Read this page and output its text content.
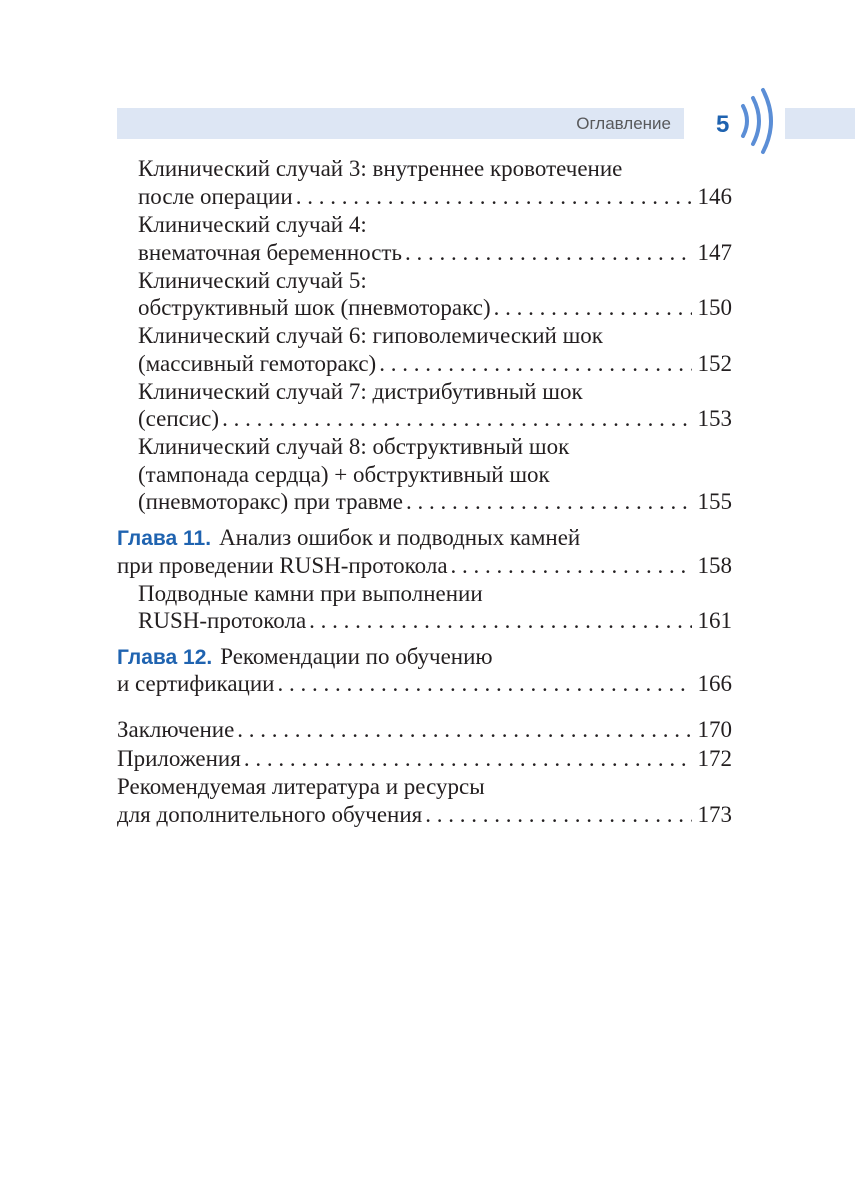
Оглавление 5
Клинический случай 3: внутреннее кровотечение
после операции . . .	146
Клинический случай 4:
внематочная беременность . . .	147
Клинический случай 5:
обструктивный шок (пневмоторакс) . . .	150
Клинический случай 6: гиповолемический шок
(массивный гемоторакс) . . .	152
Клинический случай 7: дистрибутивный шок
(сепсис) . . .	153
Клинический случай 8: обструктивный шок
(тампонада сердца) + обструктивный шок
(пневмоторакс) при травме . . .	155
Глава 11. Анализ ошибок и подводных камней
при проведении RUSH-протокола . . .	158
Подводные камни при выполнении
RUSH-протокола . . .	161
Глава 12. Рекомендации по обучению
и сертификации . . .	166
Заключение . . .	170
Приложения . . .	172
Рекомендуемая литература и ресурсы
для дополнительного обучения . . .	173
